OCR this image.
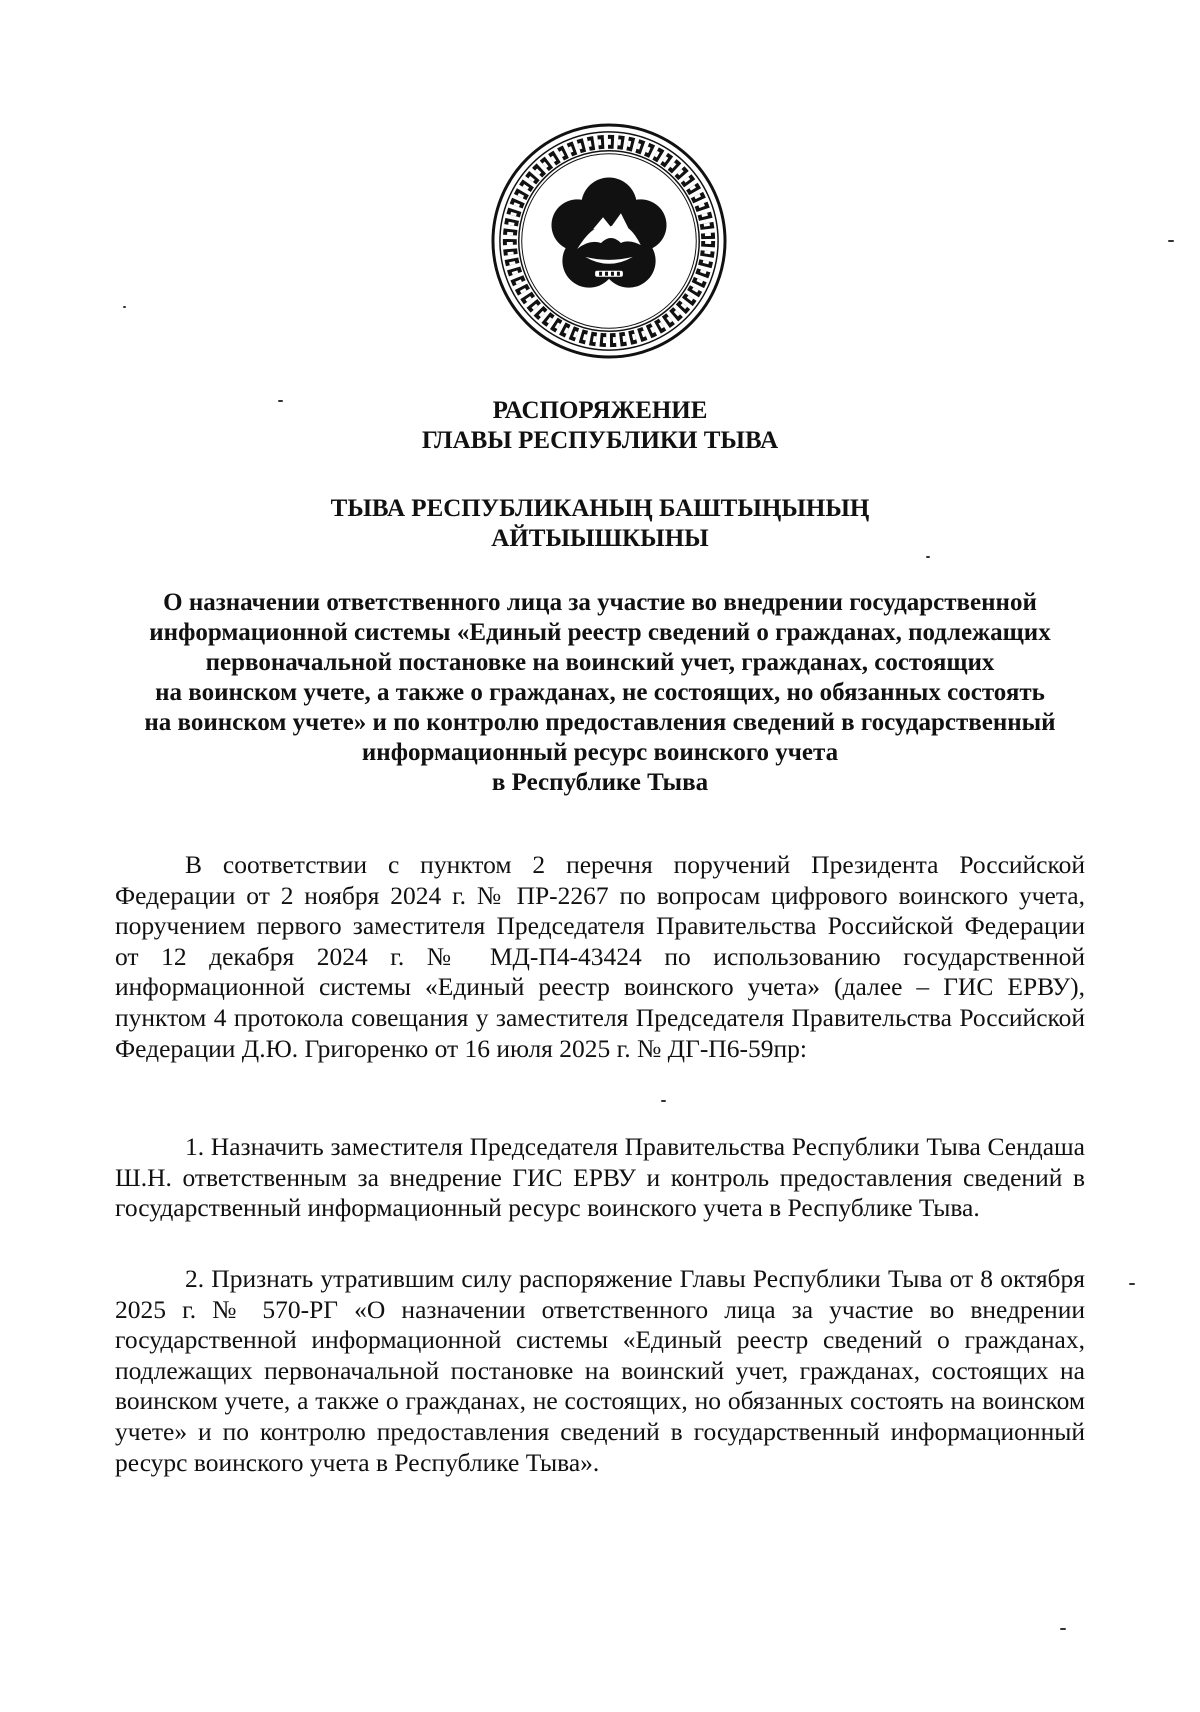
РАСПОРЯЖЕНИЕ
ГЛАВЫ РЕСПУБЛИКИ ТЫВА
ТЫВА РЕСПУБЛИКАНЫҢ БАШТЫҢЫНЫҢ
АЙТЫЫШКЫНЫ
О назначении ответственного лица за участие во внедрении государственной
информационной системы «Единый реестр сведений о гражданах, подлежащих
первоначальной постановке на воинский учет, гражданах, состоящих
на воинском учете, а также о гражданах, не состоящих, но обязанных состоять
на воинском учете» и по контролю предоставления сведений в государственный
информационный ресурс воинского учета
в Республике Тыва

В соответствии с пунктом 2 перечня поручений Президента Российской Федерации от 2 ноября 2024 г. № ПР-2267 по вопросам цифрового воинского учета, поручением первого заместителя Председателя Правительства Российской Федерации от 12 декабря 2024 г. № МД-П4-43424 по использованию государственной информационной системы «Единый реестр воинского учета» (далее – ГИС ЕРВУ), пунктом 4 протокола совещания у заместителя Председателя Правительства Российской Федерации Д.Ю. Григоренко от 16 июля 2025 г. № ДГ-П6-59пр:

1. Назначить заместителя Председателя Правительства Республики Тыва Сендаша Ш.Н. ответственным за внедрение ГИС ЕРВУ и контроль предоставления сведений в государственный информационный ресурс воинского учета в Республике Тыва.

2. Признать утратившим силу распоряжение Главы Республики Тыва от 8 октября 2025 г. № 570-РГ «О назначении ответственного лица за участие во внедрении государственной информационной системы «Единый реестр сведений о гражданах, подлежащих первоначальной постановке на воинский учет, гражданах, состоящих на воинском учете, а также о гражданах, не состоящих, но обязанных состоять на воинском учете» и по контролю предоставления сведений в государственный информационный ресурс воинского учета в Республике Тыва».
